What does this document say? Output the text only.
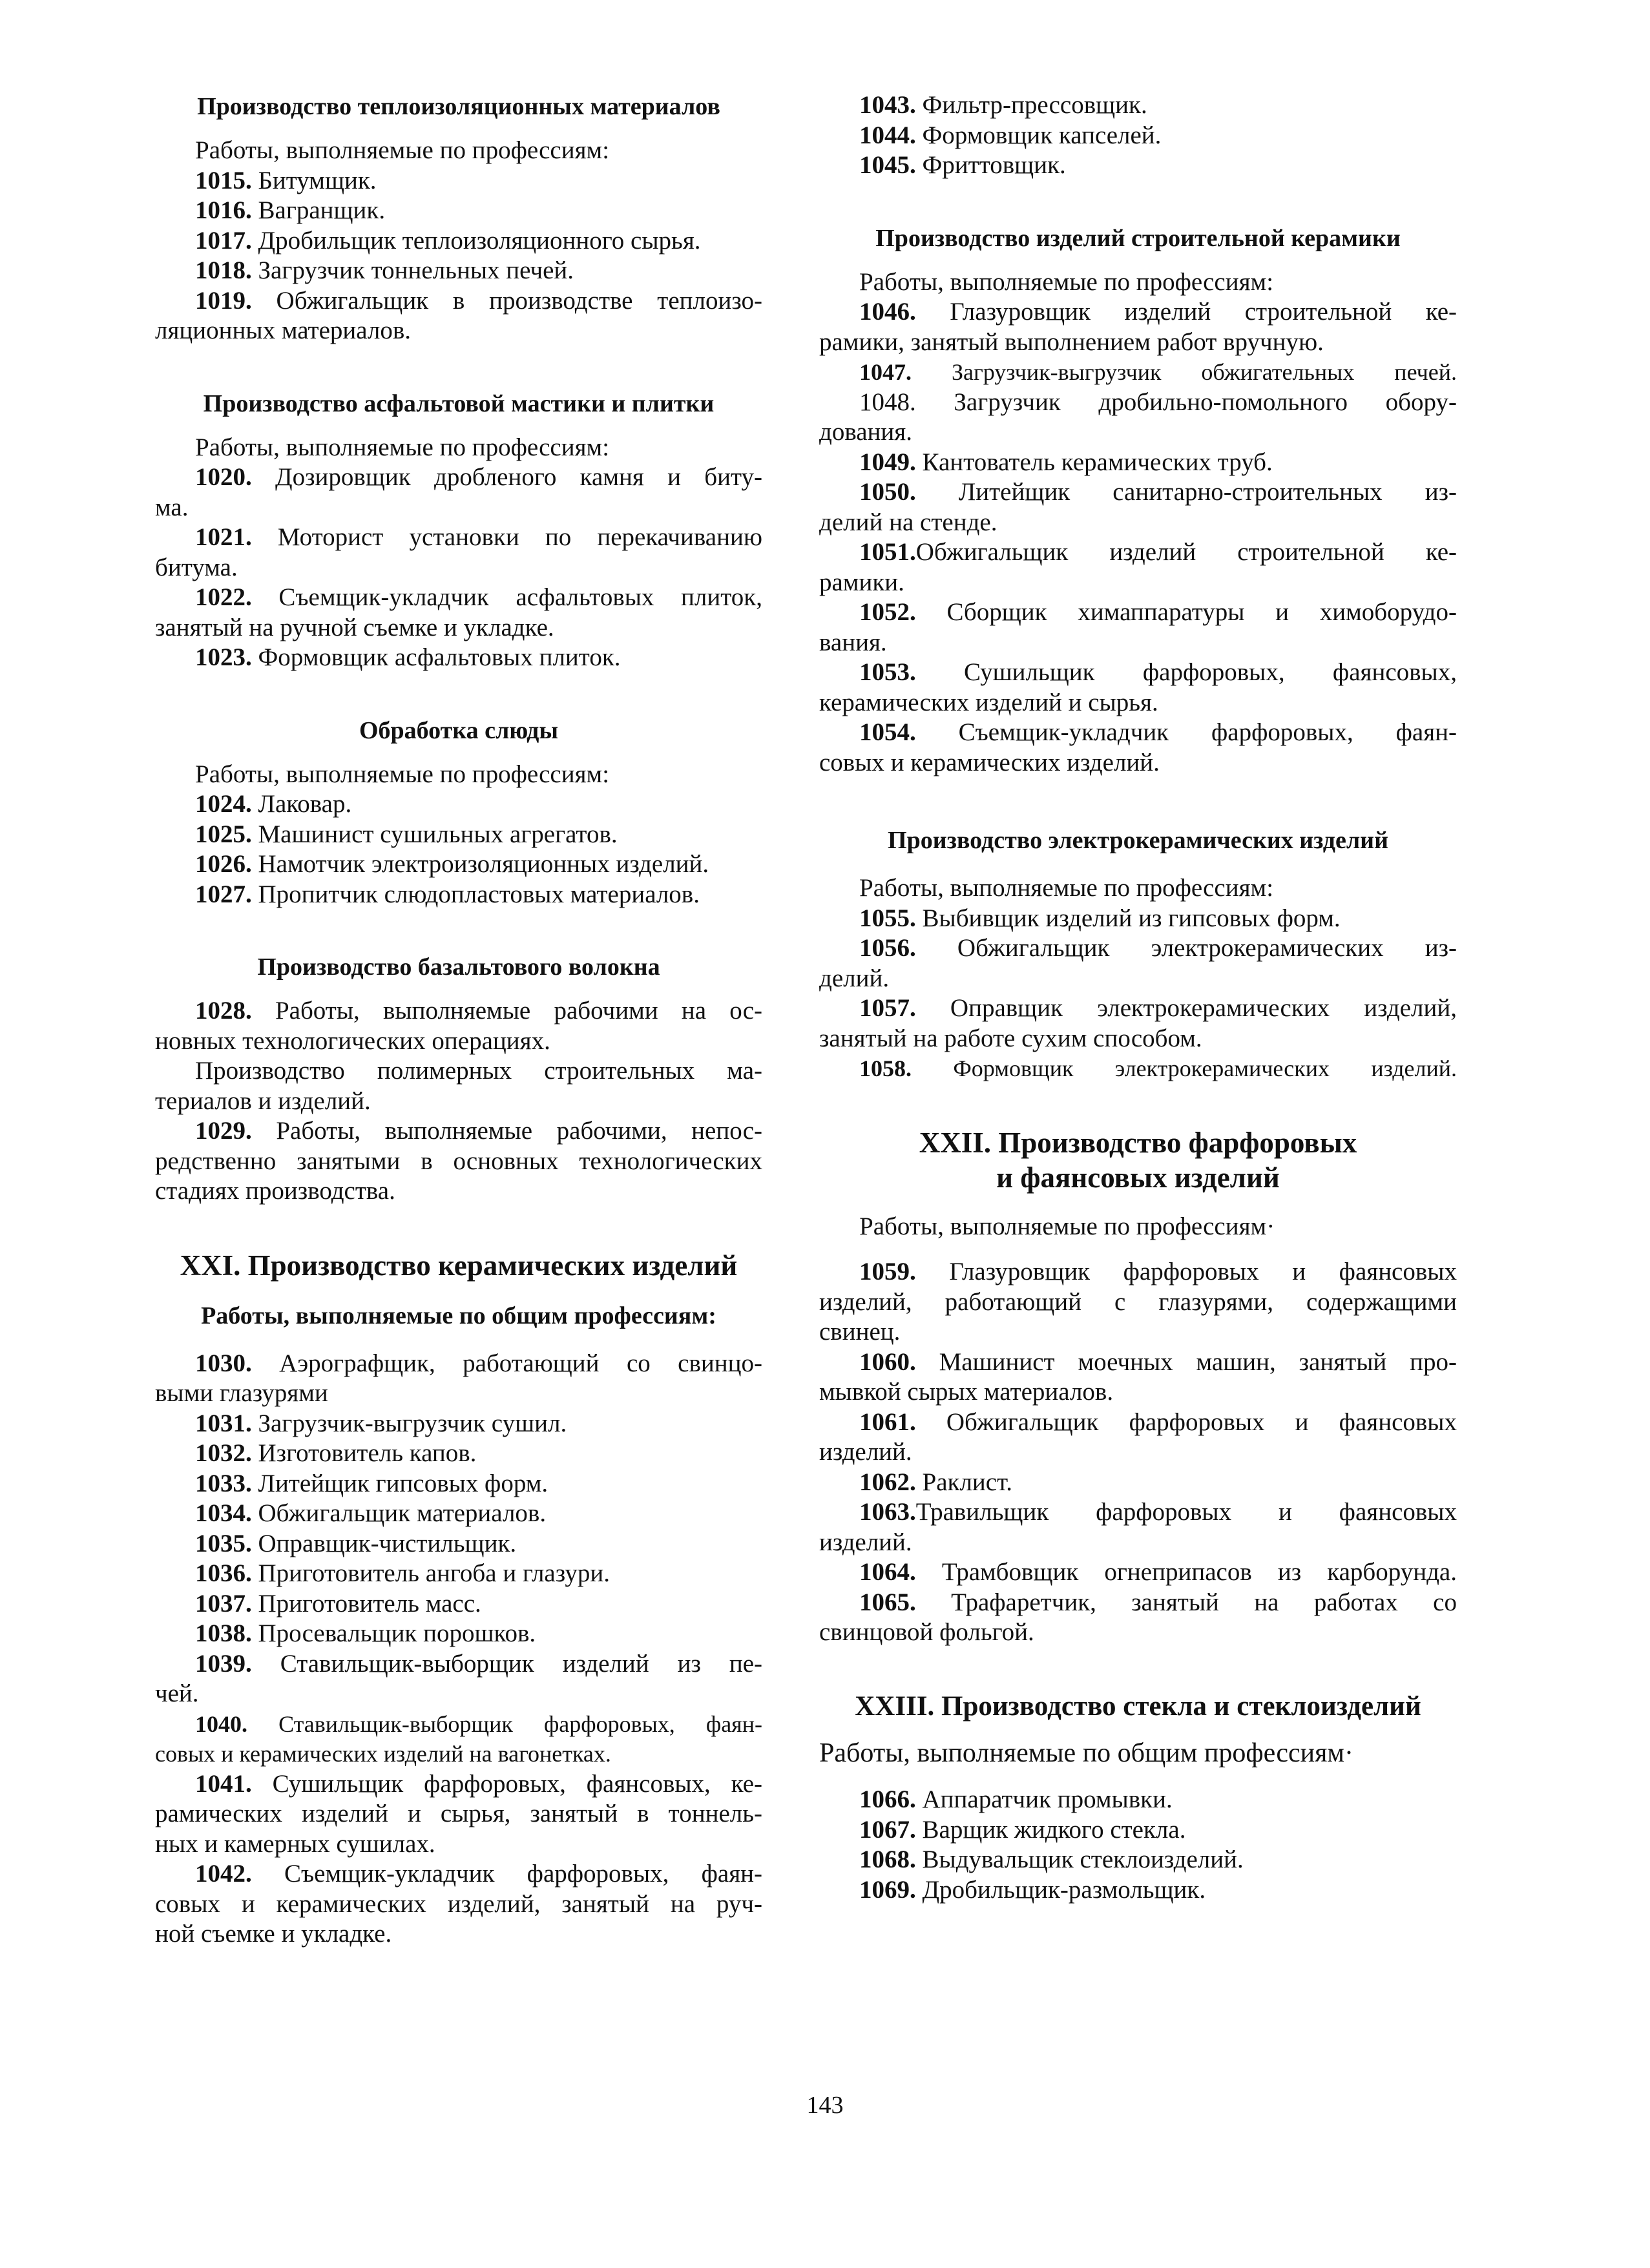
Производство теплоизоляционных материалов
Работы, выполняемые по профессиям:
1015. Битумщик.
1016. Вагранщик.
1017. Дробильщик теплоизоляционного сырья.
1018. Загрузчик тоннельных печей.
1019. Обжигальщик в производстве теплоизо-
ляционных материалов.
Производство асфальтовой мастики и плитки
Работы, выполняемые по профессиям:
1020. Дозировщик дробленого камня и биту-
ма.
1021. Моторист установки по перекачиванию
битума.
1022. Съемщик-укладчик асфальтовых плиток,
занятый на ручной съемке и укладке.
1023. Формовщик асфальтовых плиток.
Обработка слюды
Работы, выполняемые по профессиям:
1024. Лаковар.
1025. Машинист сушильных агрегатов.
1026. Намотчик электроизоляционных изделий.
1027. Пропитчик слюдопластовых материалов.
Производство базальтового волокна
1028. Работы, выполняемые рабочими на ос-
новных технологических операциях.
Производство полимерных строительных ма-
териалов и изделий.
1029. Работы, выполняемые рабочими, непос-
редственно занятыми в основных технологических
стадиях производства.
XXI. Производство керамических изделий
Работы, выполняемые по общим профессиям:
1030. Аэрографщик, работающий со свинцо-
выми глазурями
1031. Загрузчик-выгрузчик сушил.
1032. Изготовитель капов.
1033. Литейщик гипсовых форм.
1034. Обжигальщик материалов.
1035. Оправщик-чистильщик.
1036. Приготовитель ангоба и глазури.
1037. Приготовитель масс.
1038. Просевальщик порошков.
1039. Ставильщик-выборщик изделий из пе-
чей.
1040. Ставильщик-выборщик фарфоровых, фаян-
совых и керамических изделий на вагонетках.
1041. Сушильщик фарфоровых, фаянсовых, ке-
рамических изделий и сырья, занятый в тоннель-
ных и камерных сушилах.
1042. Съемщик-укладчик фарфоровых, фаян-
совых и керамических изделий, занятый на руч-
ной съемке и укладке.
1043. Фильтр-прессовщик.
1044. Формовщик капселей.
1045. Фриттовщик.
Производство изделий строительной керамики
Работы, выполняемые по профессиям:
1046. Глазуровщик изделий строительной ке-
рамики, занятый выполнением работ вручную.
1047. Загрузчик-выгрузчик обжигательных печей.
1048. Загрузчик дробильно-помольного обору-
дования.
1049. Кантователь керамических труб.
1050. Литейщик санитарно-строительных из-
делий на стенде.
1051.Обжигальщик изделий строительной ке-
рамики.
1052. Сборщик химаппаратуры и химоборудо-
вания.
1053. Сушильщик фарфоровых, фаянсовых,
керамических изделий и сырья.
1054. Съемщик-укладчик фарфоровых, фаян-
совых и керамических изделий.
Производство электрокерамических изделий
Работы, выполняемые по профессиям:
1055. Выбивщик изделий из гипсовых форм.
1056. Обжигальщик электрокерамических из-
делий.
1057. Оправщик электрокерамических изделий,
занятый на работе сухим способом.
1058. Формовщик электрокерамических изделий.
XXII. Производство фарфоровых
и фаянсовых изделий
Работы, выполняемые по профессиям·
1059. Глазуровщик фарфоровых и фаянсовых
изделий, работающий с глазурями, содержащими
свинец.
1060. Машинист моечных машин, занятый про-
мывкой сырых материалов.
1061. Обжигальщик фарфоровых и фаянсовых
изделий.
1062. Раклист.
1063.Травильщик фарфоровых и фаянсовых
изделий.
1064. Трамбовщик огнеприпасов из карборунда.
1065. Трафаретчик, занятый на работах со
свинцовой фольгой.
XXIII. Производство стекла и стеклоизделий
Работы, выполняемые по общим профессиям·
1066. Аппаратчик промывки.
1067. Варщик жидкого стекла.
1068. Выдувальщик стеклоизделий.
1069. Дробильщик-размольщик.
143
